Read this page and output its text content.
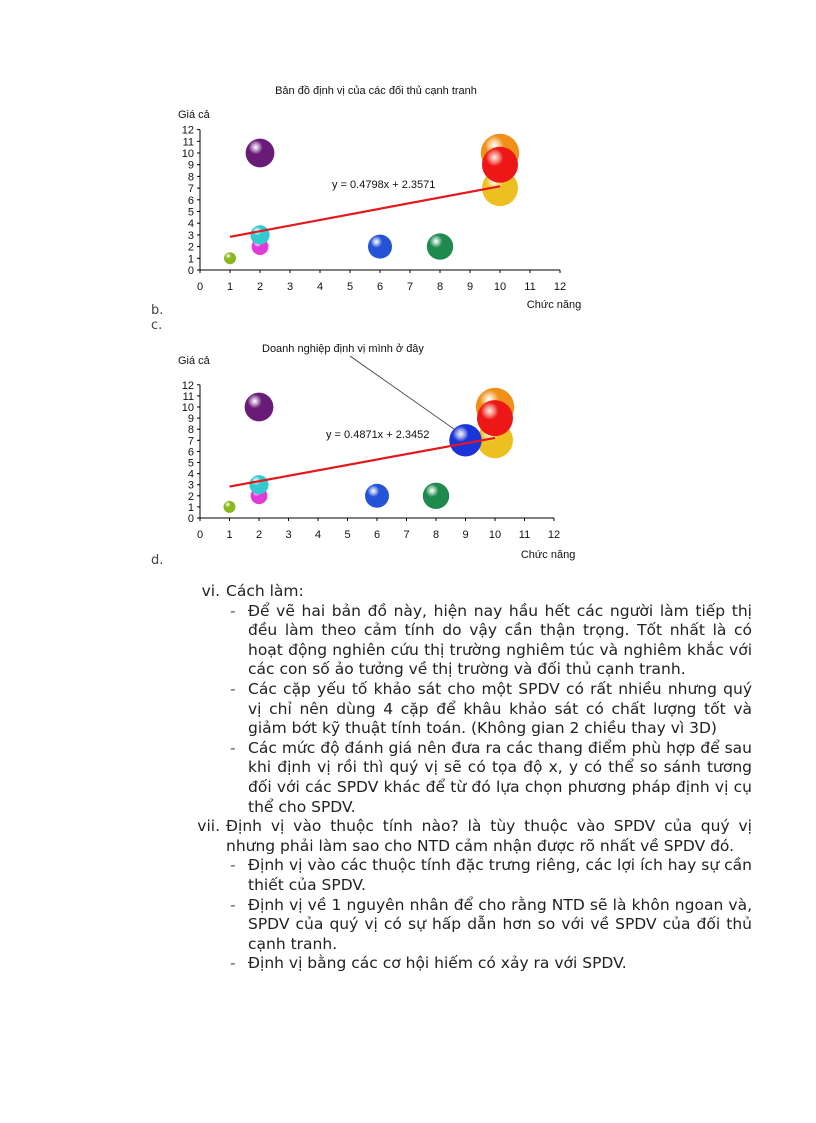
Bản đồ định vị của các đối thủ cạnh tranh
Giá cả
Chức năng
0
1
2
3
4
5
6
7
8
9
10
11
12
0 1 2 3 4 5 6 7 8 9 10 11 12
y = 0.4798x + 2.3571
b.
c.
Giá cả
Chức năng
0
1
2
3
4
5
6
7
8
9
10
11
12
0 1 2 3 4 5 6 7 8 9 10 11 12
Doanh nghiệp định vị mình ở đây
y = 0.4871x + 2.3452
d.
vi. Cách làm:
- Để vẽ hai bản đồ này, hiện nay hầu hết các người làm tiếp thị đều làm theo cảm tính do vậy cần thận trọng. Tốt nhất là có hoạt động nghiên cứu thị trường nghiêm túc và nghiêm khắc với các con số ảo tưởng về thị trường và đối thủ cạnh tranh.
- Các cặp yếu tố khảo sát cho một SPDV có rất nhiều nhưng quý vị chỉ nên dùng 4 cặp để khâu khảo sát có chất lượng tốt và giảm bớt kỹ thuật tính toán. (Không gian 2 chiều thay vì 3D)
- Các mức độ đánh giá nên đưa ra các thang điểm phù hợp để sau khi định vị rồi thì quý vị sẽ có tọa độ x, y có thể so sánh tương đối với các SPDV khác để từ đó lựa chọn phương pháp định vị cụ thể cho SPDV.
vii. Định vị vào thuộc tính nào? là tùy thuộc vào SPDV của quý vị nhưng phải làm sao cho NTD cảm nhận được rõ nhất về SPDV đó.
- Định vị vào các thuộc tính đặc trưng riêng, các lợi ích hay sự cần thiết của SPDV.
- Định vị về 1 nguyên nhân để cho rằng NTD sẽ là khôn ngoan và, SPDV của quý vị có sự hấp dẫn hơn so với về SPDV của đối thủ cạnh tranh.
- Định vị bằng các cơ hội hiếm có xảy ra với SPDV.
